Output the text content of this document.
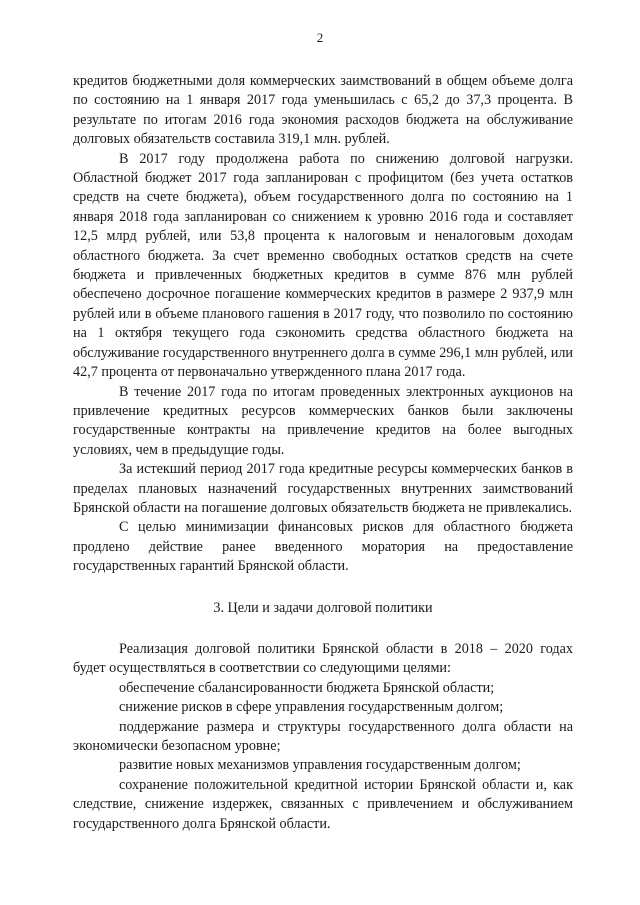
2

кредитов бюджетными доля коммерческих заимствований в общем объеме долга по состоянию на 1 января 2017 года уменьшилась с 65,2 до 37,3 процента. В результате по итогам 2016 года экономия расходов бюджета на обслуживание долговых обязательств составила 319,1 млн. рублей.

В 2017 году продолжена работа по снижению долговой нагрузки. Областной бюджет 2017 года запланирован с профицитом (без учета остатков средств на счете бюджета), объем государственного долга по состоянию на 1 января 2018 года запланирован со снижением к уровню 2016 года и составляет 12,5 млрд рублей, или 53,8 процента к налоговым и неналоговым доходам областного бюджета. За счет временно свободных остатков средств на счете бюджета и привлеченных бюджетных кредитов в сумме 876 млн рублей обеспечено досрочное погашение коммерческих кредитов в размере 2 937,9 млн рублей или в объеме планового гашения в 2017 году, что позволило по состоянию на 1 октября текущего года сэкономить средства областного бюджета на обслуживание государственного внутреннего долга в сумме 296,1 млн рублей, или 42,7 процента от первоначально утвержденного плана 2017 года.

В течение 2017 года по итогам проведенных электронных аукционов на привлечение кредитных ресурсов коммерческих банков были заключены государственные контракты на привлечение кредитов на более выгодных условиях, чем в предыдущие годы.

За истекший период 2017 года кредитные ресурсы коммерческих банков в пределах плановых назначений государственных внутренних заимствований Брянской области на погашение долговых обязательств бюджета не привлекались.

С целью минимизации финансовых рисков для областного бюджета продлено действие ранее введенного моратория на предоставление государственных гарантий Брянской области.

3. Цели и задачи долговой политики

Реализация долговой политики Брянской области в 2018 – 2020 годах будет осуществляться в соответствии со следующими целями:

обеспечение сбалансированности бюджета Брянской области;

снижение рисков в сфере управления государственным долгом;

поддержание размера и структуры государственного долга области на экономически безопасном уровне;

развитие новых механизмов управления государственным долгом;

сохранение положительной кредитной истории Брянской области и, как следствие, снижение издержек, связанных с привлечением и обслуживанием государственного долга Брянской области.
